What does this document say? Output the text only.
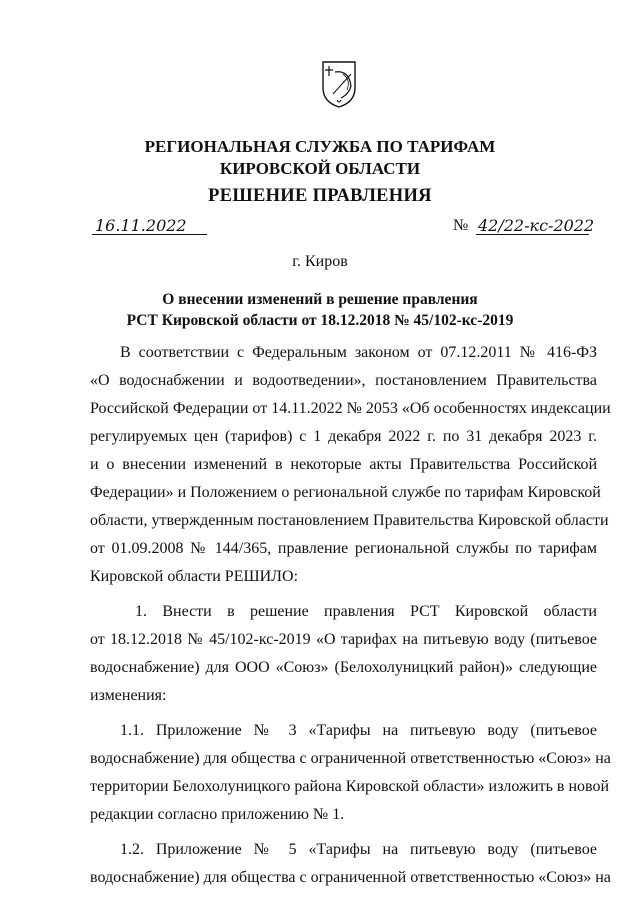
РЕГИОНАЛЬНАЯ СЛУЖБА ПО ТАРИФАМ
КИРОВСКОЙ ОБЛАСТИ
РЕШЕНИЕ ПРАВЛЕНИЯ
16.11.2022	№ 42/22-кс-2022
г. Киров
О внесении изменений в решение правления
РСТ Кировской области от 18.12.2018 № 45/102-кс-2019
В соответствии с Федеральным законом от 07.12.2011 № 416-ФЗ
«О водоснабжении и водоотведении», постановлением Правительства
Российской Федерации от 14.11.2022 № 2053 «Об особенностях индексации
регулируемых цен (тарифов) с 1 декабря 2022 г. по 31 декабря 2023 г.
и о внесении изменений в некоторые акты Правительства Российской
Федерации» и Положением о региональной службе по тарифам Кировской
области, утвержденным постановлением Правительства Кировской области
от 01.09.2008 № 144/365, правление региональной службы по тарифам
Кировской области РЕШИЛО:
1. Внести в решение правления РСТ Кировской области
от 18.12.2018 № 45/102-кс-2019 «О тарифах на питьевую воду (питьевое
водоснабжение) для ООО «Союз» (Белохолуницкий район)» следующие
изменения:
1.1. Приложение № 3 «Тарифы на питьевую воду (питьевое
водоснабжение) для общества с ограниченной ответственностью «Союз» на
территории Белохолуницкого района Кировской области» изложить в новой
редакции согласно приложению № 1.
1.2. Приложение № 5 «Тарифы на питьевую воду (питьевое
водоснабжение) для общества с ограниченной ответственностью «Союз» на
